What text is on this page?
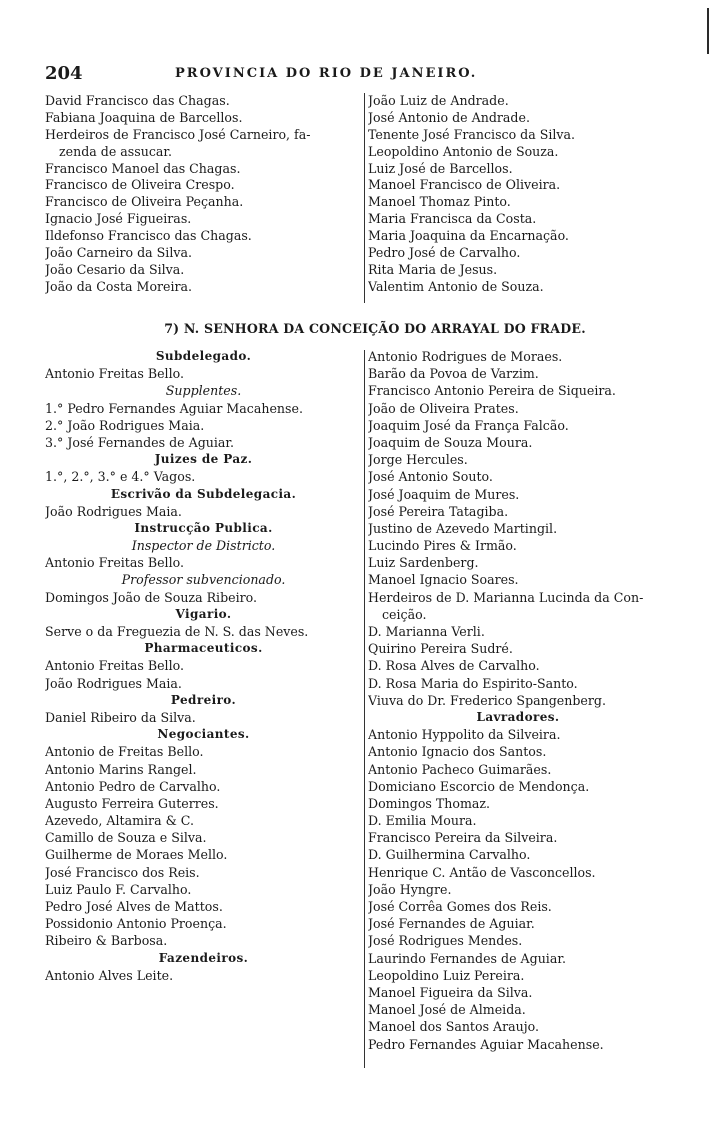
204	PROVINCIA DO RIO DE JANEIRO.
David Francisco das Chagas.
Fabiana Joaquina de Barcellos.
Herdeiros de Francisco José Carneiro, fa-
zenda de assucar.
Francisco Manoel das Chagas.
Francisco de Oliveira Crespo.
Francisco de Oliveira Peçanha.
Ignacio José Figueiras.
Ildefonso Francisco das Chagas.
João Carneiro da Silva.
João Cesario da Silva.
João da Costa Moreira.
João Luiz de Andrade.
José Antonio de Andrade.
Tenente José Francisco da Silva.
Leopoldino Antonio de Souza.
Luiz José de Barcellos.
Manoel Francisco de Oliveira.
Manoel Thomaz Pinto.
Maria Francisca da Costa.
Maria Joaquina da Encarnação.
Pedro José de Carvalho.
Rita Maria de Jesus.
Valentim Antonio de Souza.
7) N. SENHORA DA CONCEIÇÃO DO ARRAYAL DO FRADE.
Subdelegado.
Antonio Freitas Bello.
Supplentes.
1.° Pedro Fernandes Aguiar Macahense.
2.° João Rodrigues Maia.
3.° José Fernandes de Aguiar.
Juizes de Paz.
1.°, 2.°, 3.° e 4.° Vagos.
Escrivão da Subdelegacia.
João Rodrigues Maia.
Instrucção Publica.
Inspector de Districto.
Antonio Freitas Bello.
Professor subvencionado.
Domingos João de Souza Ribeiro.
Vigario.
Serve o da Freguezia de N. S. das Neves.
Pharmaceuticos.
Antonio Freitas Bello.
João Rodrigues Maia.
Pedreiro.
Daniel Ribeiro da Silva.
Negociantes.
Antonio de Freitas Bello.
Antonio Marins Rangel.
Antonio Pedro de Carvalho.
Augusto Ferreira Guterres.
Azevedo, Altamira & C.
Camillo de Souza e Silva.
Guilherme de Moraes Mello.
José Francisco dos Reis.
Luiz Paulo F. Carvalho.
Pedro José Alves de Mattos.
Possidonio Antonio Proença.
Ribeiro & Barbosa.
Fazendeiros.
Antonio Alves Leite.
Antonio Rodrigues de Moraes.
Barão da Povoa de Varzim.
Francisco Antonio Pereira de Siqueira.
João de Oliveira Prates.
Joaquim José da França Falcão.
Joaquim de Souza Moura.
Jorge Hercules.
José Antonio Souto.
José Joaquim de Mures.
José Pereira Tatagiba.
Justino de Azevedo Martingil.
Lucindo Pires & Irmão.
Luiz Sardenberg.
Manoel Ignacio Soares.
Herdeiros de D. Marianna Lucinda da Con-
ceição.
D. Marianna Verli.
Quirino Pereira Sudré.
D. Rosa Alves de Carvalho.
D. Rosa Maria do Espirito-Santo.
Viuva do Dr. Frederico Spangenberg.
Lavradores.
Antonio Hyppolito da Silveira.
Antonio Ignacio dos Santos.
Antonio Pacheco Guimarães.
Domiciano Escorcio de Mendonça.
Domingos Thomaz.
D. Emilia Moura.
Francisco Pereira da Silveira.
D. Guilhermina Carvalho.
Henrique C. Antão de Vasconcellos.
João Hyngre.
José Corrêa Gomes dos Reis.
José Fernandes de Aguiar.
José Rodrigues Mendes.
Laurindo Fernandes de Aguiar.
Leopoldino Luiz Pereira.
Manoel Figueira da Silva.
Manoel José de Almeida.
Manoel dos Santos Araujo.
Pedro Fernandes Aguiar Macahense.
